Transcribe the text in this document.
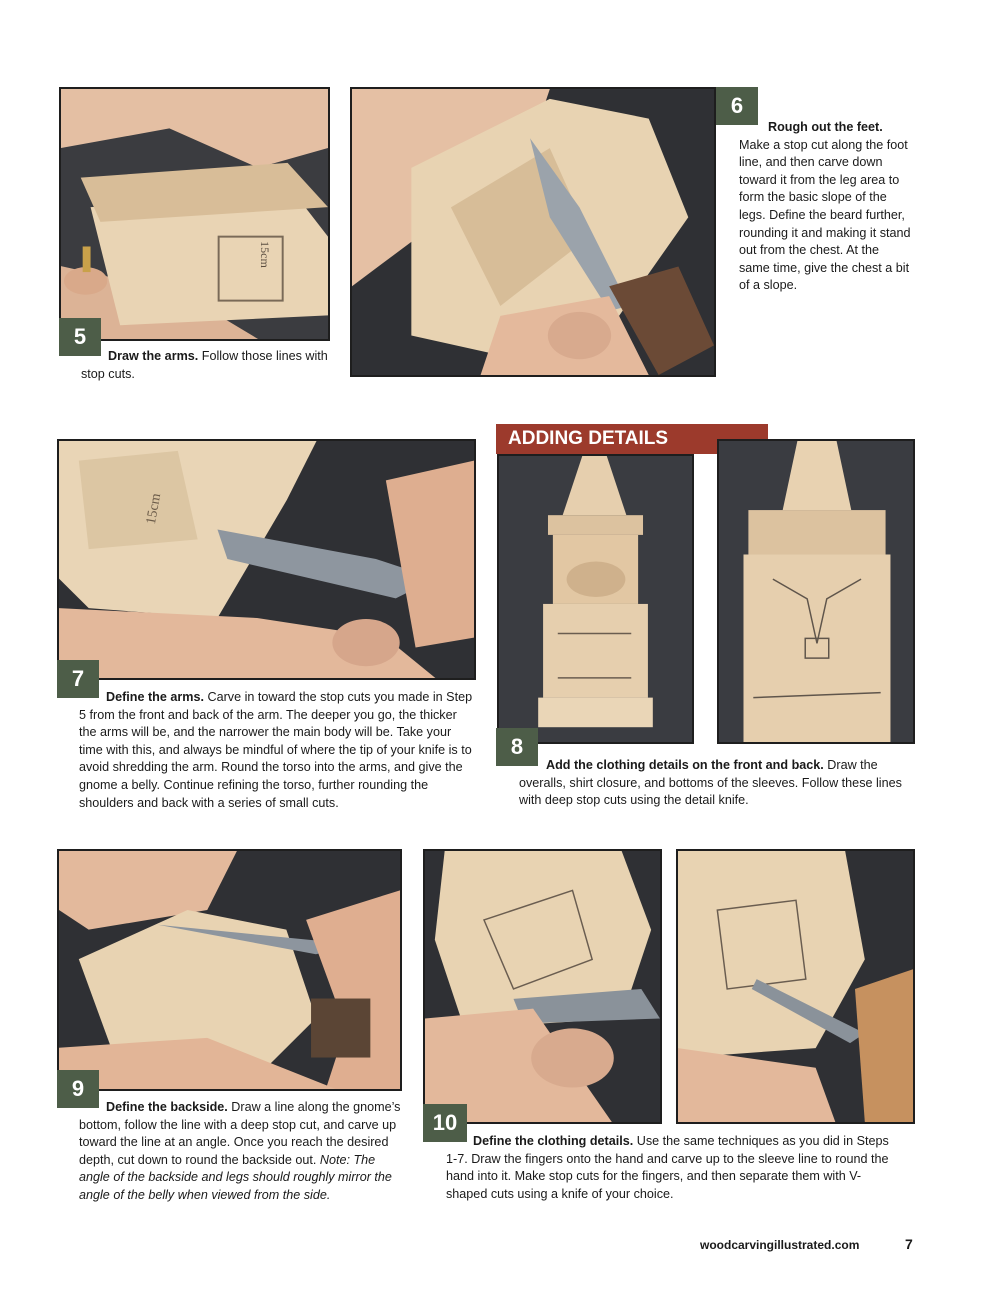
15cm
5
Draw the arms. Follow those lines with stop cuts.
6
Rough out the feet.
Make a stop cut along the foot line, and then carve down toward it from the leg area to form the basic slope of the legs. Define the beard further, rounding it and making it stand out from the chest. At the same time, give the chest a bit of a slope.
15cm
7
Define the arms. Carve in toward the stop cuts you made in Step 5 from the front and back of the arm. The deeper you go, the thicker the arms will be, and the narrower the main body will be. Take your time with this, and always be mindful of where the tip of your knife is to avoid shredding the arm. Round the torso into the arms, and give the gnome a belly. Continue refining the torso, further rounding the shoulders and back with a series of small cuts.
ADDING DETAILS
8
Add the clothing details on the front and back. Draw the overalls, shirt closure, and bottoms of the sleeves. Follow these lines with deep stop cuts using the detail knife.
9
Define the backside. Draw a line along the gnome’s bottom, follow the line with a deep stop cut, and carve up toward the line at an angle. Once you reach the desired depth, cut down to round the backside out. Note: The angle of the backside and legs should roughly mirror the angle of the belly when viewed from the side.
10
Define the clothing details. Use the same techniques as you did in Steps 1-7. Draw the fingers onto the hand and carve up to the sleeve line to round the hand into it. Make stop cuts for the fingers, and then separate them with V-shaped cuts using a knife of your choice.
woodcarvingillustrated.com	7
